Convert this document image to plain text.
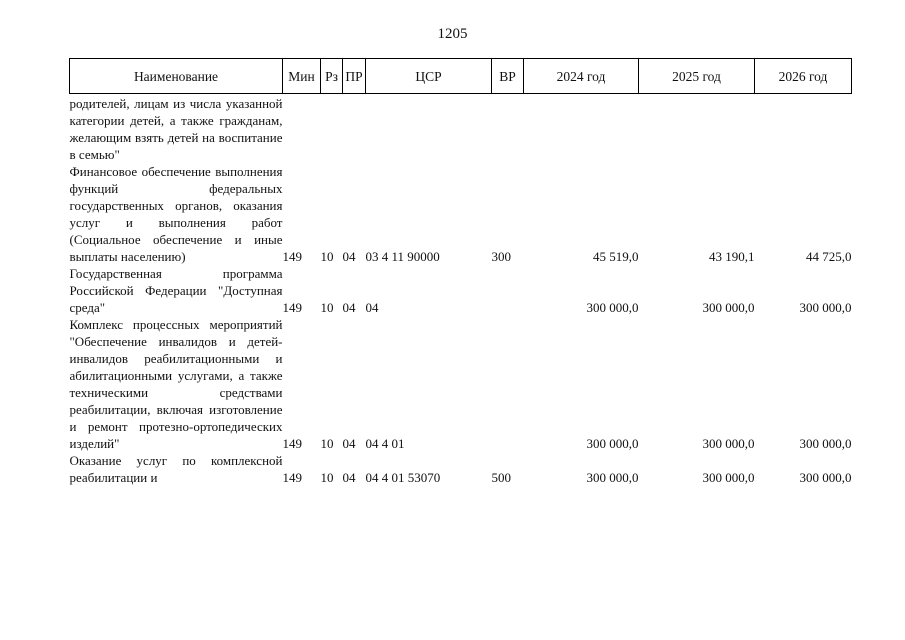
1205
Наименование	Мин	Рз	ПР	ЦСР	ВР	2024 год	2025 год	2026 год
родителей, лицам из числа указанной категории детей, а также гражданам, желающим взять детей на воспитание в семью"								
Финансовое обеспечение выполнения функций федеральных государственных органов, оказания услуг и выполнения работ (Социальное обеспечение и иные выплаты населению)	149	10	04	03 4 11 90000	300	45 519,0	43 190,1	44 725,0
Государственная программа Российской Федерации "Доступная среда"	149	10	04	04		300 000,0	300 000,0	300 000,0
Комплекс процессных мероприятий "Обеспечение инвалидов и детей-инвалидов реабилитационными и абилитационными услугами, а также техническими средствами реабилитации, включая изготовление и ремонт протезно-ортопедических изделий"	149	10	04	04 4 01		300 000,0	300 000,0	300 000,0
Оказание услуг по комплексной реабилитации и	149	10	04	04 4 01 53070	500	300 000,0	300 000,0	300 000,0
